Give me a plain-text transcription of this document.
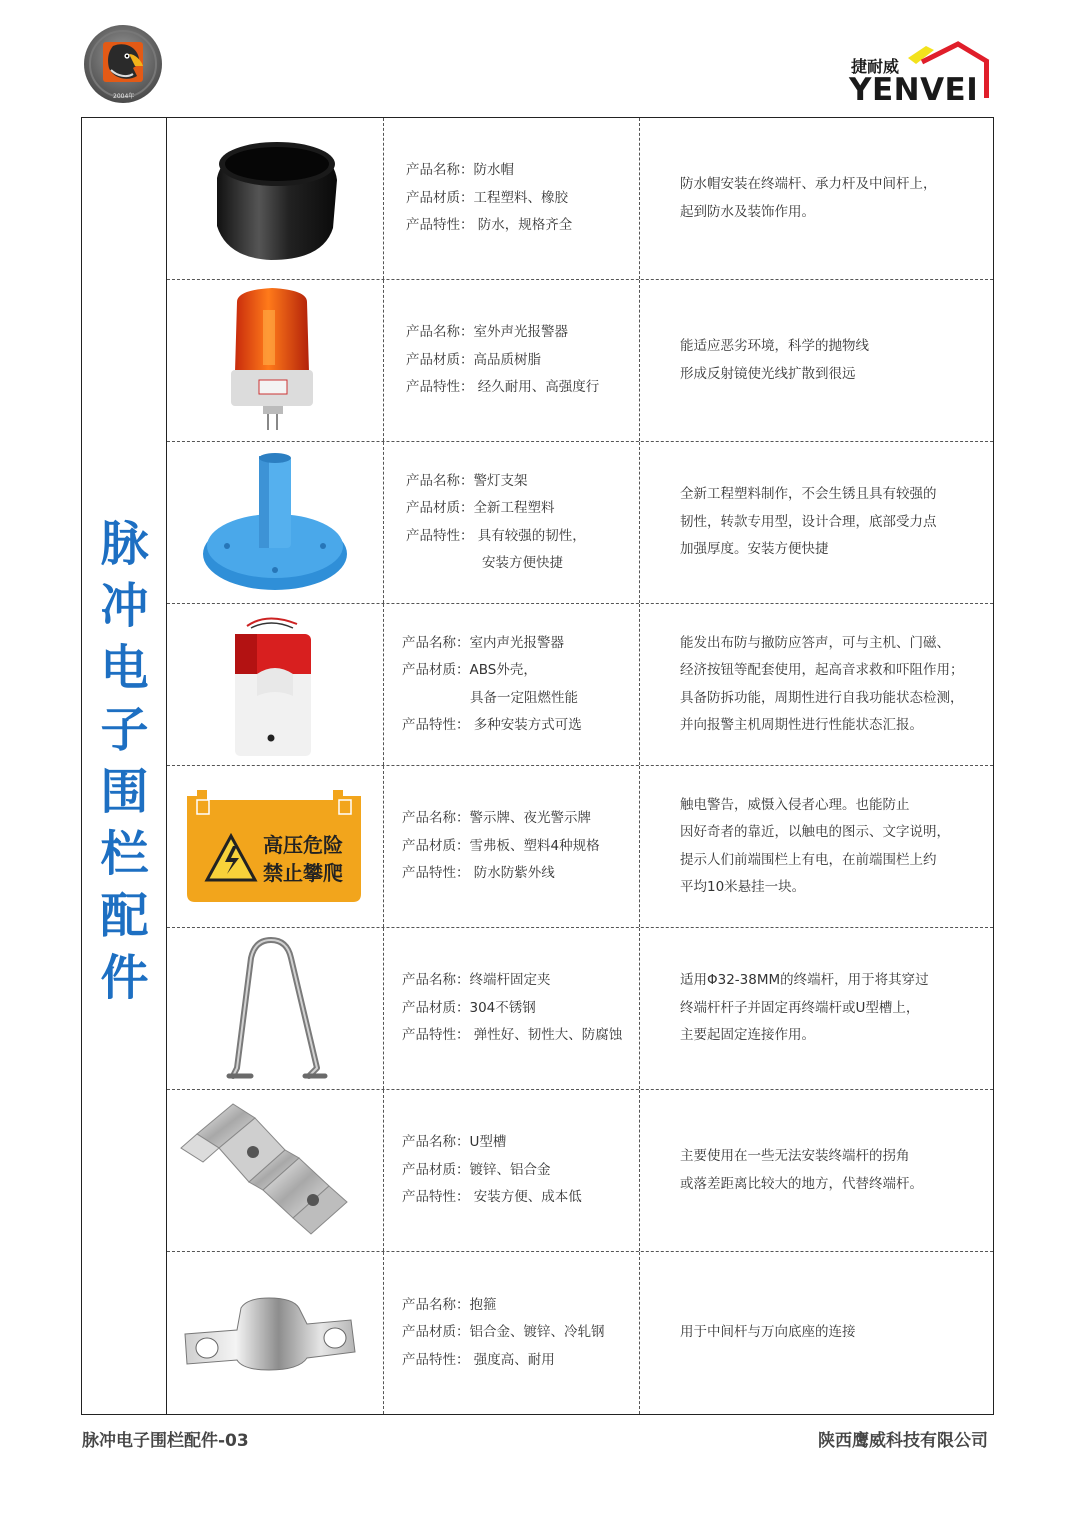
2004年
捷耐威
YENVEI
脉
冲
电
子
围
栏
配
件
产品名称：防水帽
产品材质：工程塑料、橡胶
产品特性： 防水，规格齐全
防水帽安装在终端杆、承力杆及中间杆上，
起到防水及装饰作用。
产品名称：室外声光报警器
产品材质：高品质树脂
产品特性： 经久耐用、高强度行
能适应恶劣环境，科学的抛物线
形成反射镜使光线扩散到很远
产品名称：警灯支架
产品材质：全新工程塑料
产品特性： 具有较强的韧性，
安装方便快捷
全新工程塑料制作，不会生锈且具有较强的
韧性，转款专用型，设计合理，底部受力点
加强厚度。安装方便快捷
产品名称：室内声光报警器
产品材质：ABS外壳，
具备一定阻燃性能
产品特性： 多种安装方式可选
能发出布防与撤防应答声，可与主机、门磁、
经济按钮等配套使用，起高音求救和吓阻作用；
具备防拆功能，周期性进行自我功能状态检测，
并向报警主机周期性进行性能状态汇报。
高压危险
禁止攀爬
产品名称：警示牌、夜光警示牌
产品材质：雪弗板、塑料4种规格
产品特性： 防水防紫外线
触电警告，威慑入侵者心理。也能防止
因好奇者的靠近，以触电的图示、文字说明，
提示人们前端围栏上有电，在前端围栏上约
平均10米悬挂一块。
产品名称：终端杆固定夹
产品材质：304不锈钢
产品特性： 弹性好、韧性大、防腐蚀
适用Φ32-38MM的终端杆，用于将其穿过
终端杆杆子并固定再终端杆或U型槽上，
主要起固定连接作用。
产品名称：U型槽
产品材质：镀锌、铝合金
产品特性： 安装方便、成本低
主要使用在一些无法安装终端杆的拐角
或落差距离比较大的地方，代替终端杆。
产品名称：抱箍
产品材质：铝合金、镀锌、冷轧钢
产品特性： 强度高、耐用
用于中间杆与万向底座的连接
脉冲电子围栏配件-03	陕西鹰威科技有限公司
